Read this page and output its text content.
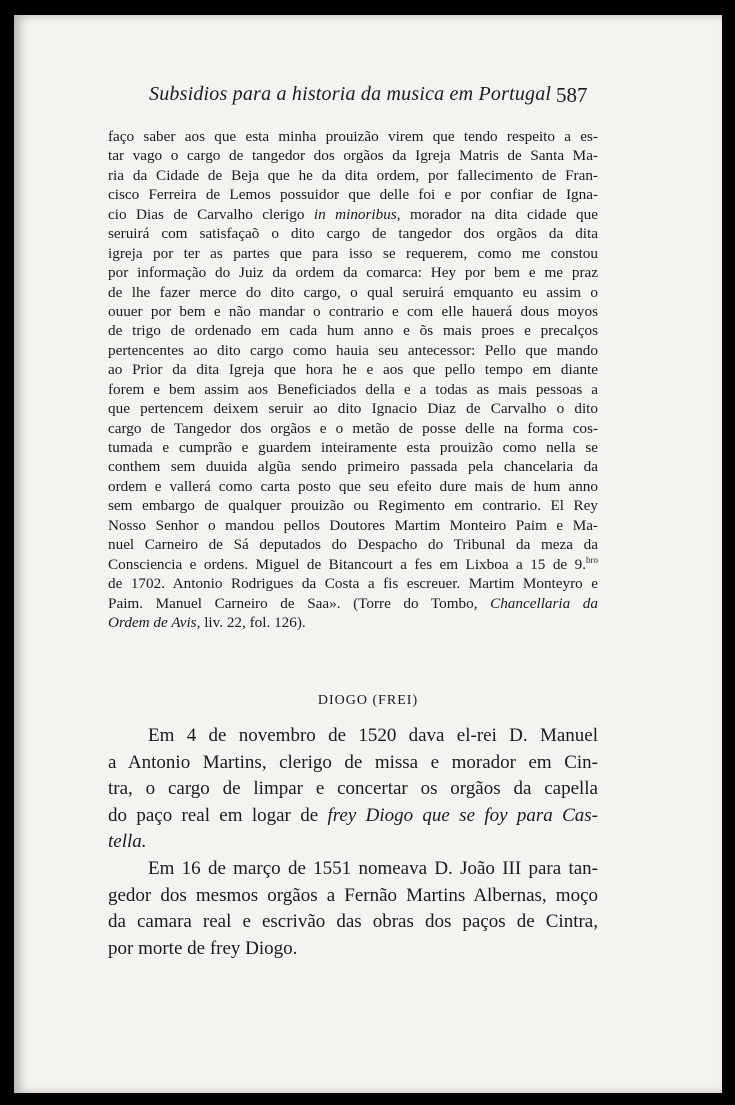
Subsidios para a historia da musica em Portugal 587
faço saber aos que esta minha prouizão virem que tendo respeito a es-
tar vago o cargo de tangedor dos orgãos da Igreja Matris de Santa Ma-
ria da Cidade de Beja que he da dita ordem, por fallecimento de Fran-
cisco Ferreira de Lemos possuidor que delle foi e por confiar de Igna-
cio Dias de Carvalho clerigo in minoribus, morador na dita cidade que
seruirá com satisfaçaõ o dito cargo de tangedor dos orgãos da dita
igreja por ter as partes que para isso se requerem, como me constou
por informação do Juiz da ordem da comarca: Hey por bem e me praz
de lhe fazer merce do dito cargo, o qual seruirá emquanto eu assim o
ouuer por bem e não mandar o contrario e com elle hauerá dous moyos
de trigo de ordenado em cada hum anno e õs mais proes e precalços
pertencentes ao dito cargo como hauia seu antecessor: Pello que mando
ao Prior da dita Igreja que hora he e aos que pello tempo em diante
forem e bem assim aos Beneficiados della e a todas as mais pessoas a
que pertencem deixem seruir ao dito Ignacio Diaz de Carvalho o dito
cargo de Tangedor dos orgãos e o metão de posse delle na forma cos-
tumada e cumprão e guardem inteiramente esta prouizão como nella se
conthem sem duuida algũa sendo primeiro passada pela chancelaria da
ordem e vallerá como carta posto que seu efeito dure mais de hum anno
sem embargo de qualquer prouizão ou Regimento em contrario. El Rey
Nosso Senhor o mandou pellos Doutores Martim Monteiro Paim e Ma-
nuel Carneiro de Sá deputados do Despacho do Tribunal da meza da
Consciencia e ordens. Miguel de Bitancourt a fes em Lixboa a 15 de 9.$^{bro}$
de 1702. Antonio Rodrigues da Costa a fis escreuer. Martim Monteyro e
Paim. Manuel Carneiro de Saa». (Torre do Tombo, Chancellaria da
Ordem de Avis, liv. 22, fol. 126).
DIOGO (FREI)
Em 4 de novembro de 1520 dava el-rei D. Manuel
a Antonio Martins, clerigo de missa e morador em Cin-
tra, o cargo de limpar e concertar os orgãos da capella
do paço real em logar de frey Diogo que se foy para Cas-
tella.
Em 16 de março de 1551 nomeava D. João III para tan-
gedor dos mesmos orgãos a Fernão Martins Albernas, moço
da camara real e escrivão das obras dos paços de Cintra,
por morte de frey Diogo.
